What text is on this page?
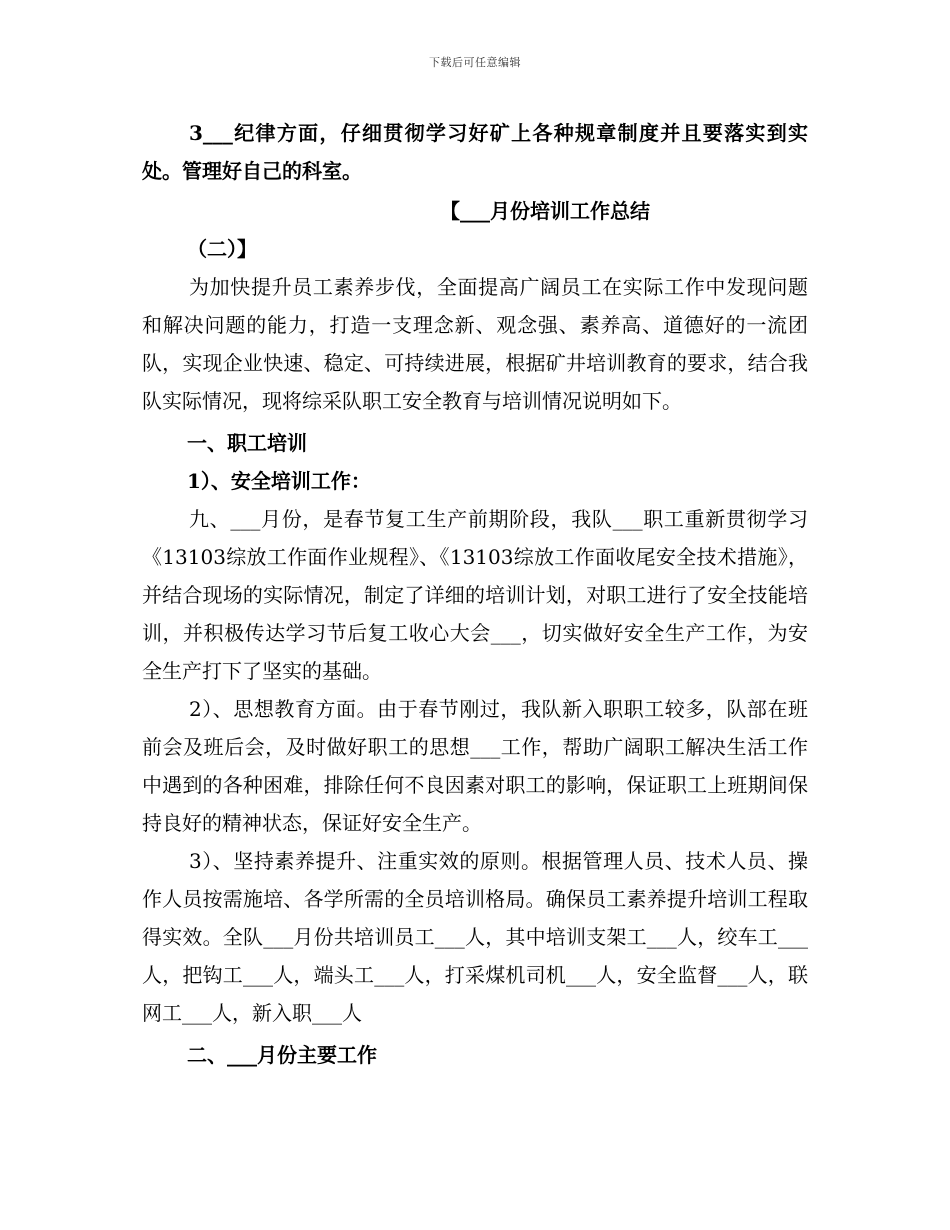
下载后可任意编辑

3___纪律方面，仔细贯彻学习好矿上各种规章制度并且要落实到实处。管理好自己的科室。

【___月份培训工作总结

（二）】

为加快提升员工素养步伐，全面提高广阔员工在实际工作中发现问题和解决问题的能力，打造一支理念新、观念强、素养高、道德好的一流团队，实现企业快速、稳定、可持续进展，根据矿井培训教育的要求，结合我队实际情况，现将综采队职工安全教育与培训情况说明如下。

一、职工培训

1）、安全培训工作：

九、___月份，是春节复工生产前期阶段，我队___职工重新贯彻学习《13103综放工作面作业规程》、《13103综放工作面收尾安全技术措施》，并结合现场的实际情况，制定了详细的培训计划，对职工进行了安全技能培训，并积极传达学习节后复工收心大会___，切实做好安全生产工作，为安全生产打下了坚实的基础。

2）、思想教育方面。由于春节刚过，我队新入职职工较多，队部在班前会及班后会，及时做好职工的思想___工作，帮助广阔职工解决生活工作中遇到的各种困难，排除任何不良因素对职工的影响，保证职工上班期间保持良好的精神状态，保证好安全生产。

3）、坚持素养提升、注重实效的原则。根据管理人员、技术人员、操作人员按需施培、各学所需的全员培训格局。确保员工素养提升培训工程取得实效。全队___月份共培训员工___人，其中培训支架工___人，绞车工___人，把钩工___人，端头工___人，打采煤机司机___人，安全监督___人，联网工___人，新入职___人

二、___月份主要工作
